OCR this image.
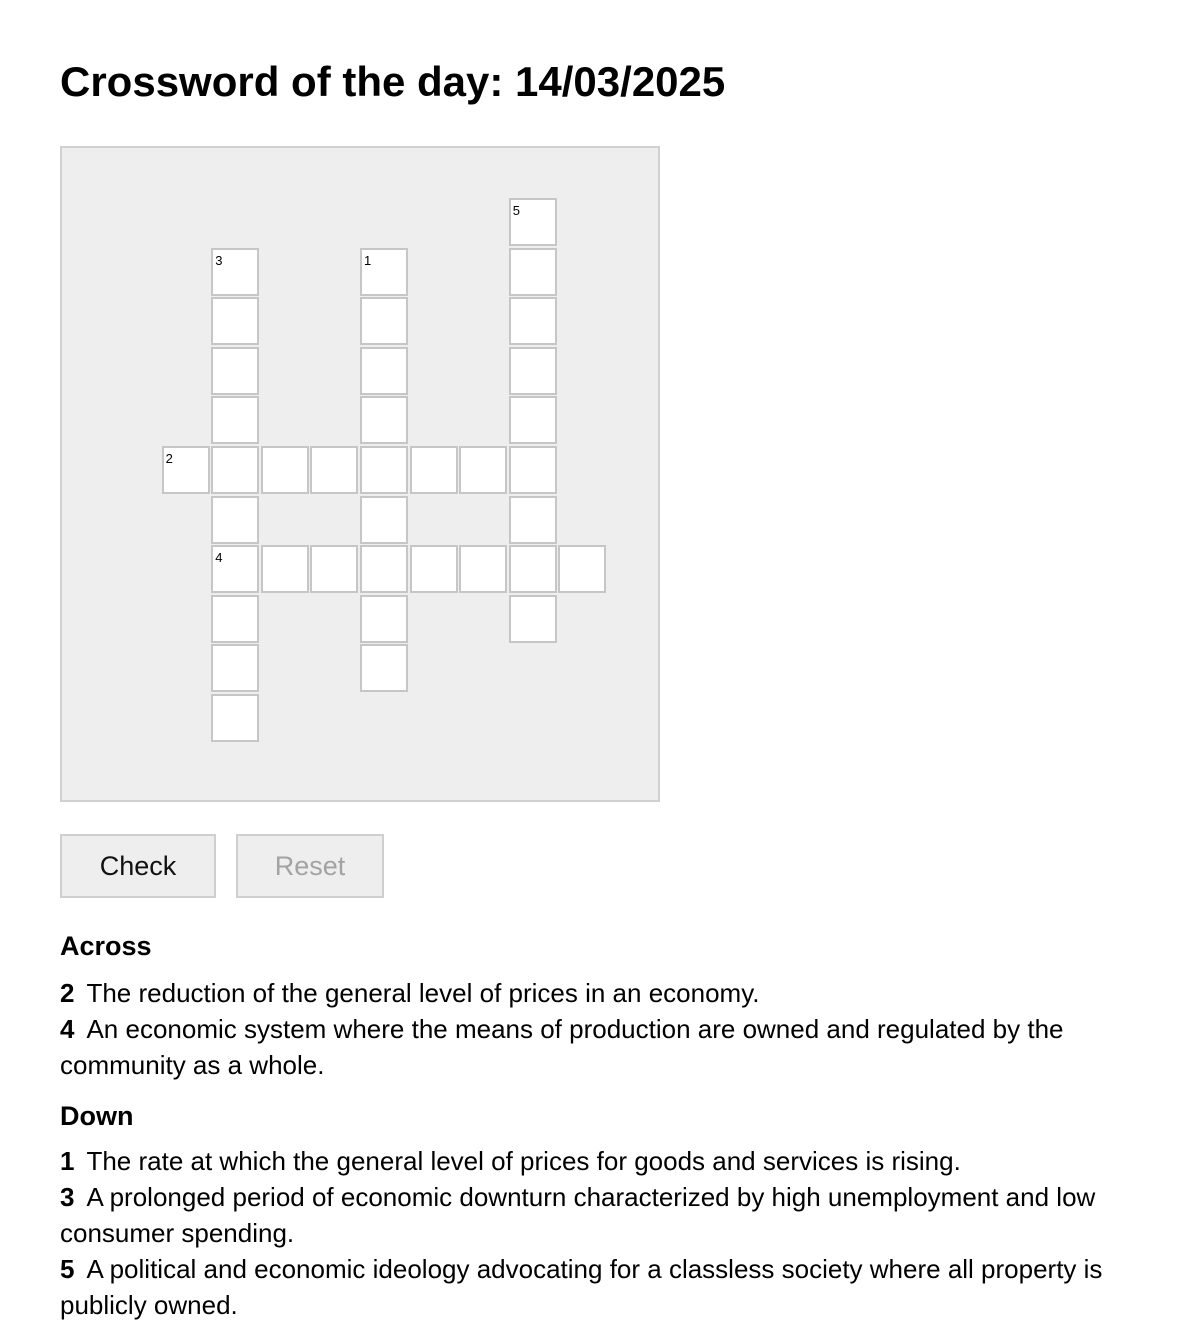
Crossword of the day: 14/03/2025
5
3	1
2
4
Check	Reset
Across
2 The reduction of the general level of prices in an economy.
4 An economic system where the means of production are owned and regulated by the community as a whole.
Down
1 The rate at which the general level of prices for goods and services is rising.
3 A prolonged period of economic downturn characterized by high unemployment and low consumer spending.
5 A political and economic ideology advocating for a classless society where all property is publicly owned.
